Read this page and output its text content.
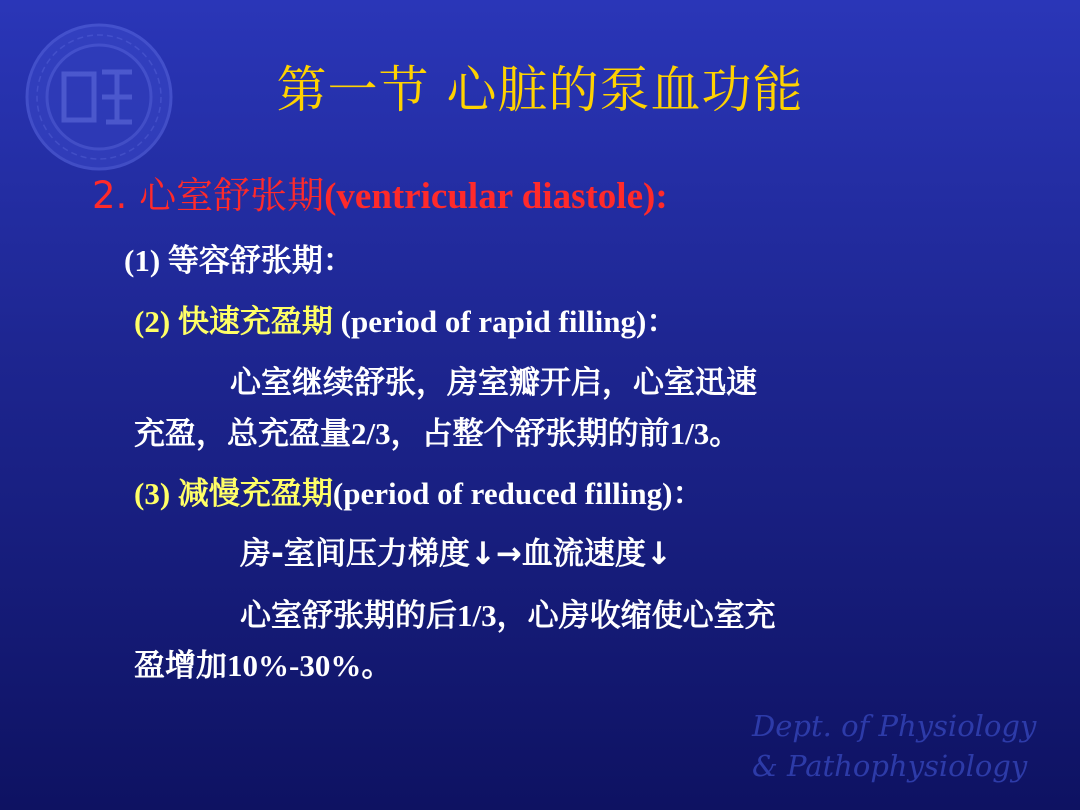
第一节 心脏的泵血功能
2. 心室舒张期(ventricular diastole):
(1) 等容舒张期：
(2) 快速充盈期 (period of rapid filling)：
心室继续舒张，房室瓣开启，心室迅速
充盈，总充盈量2/3，占整个舒张期的前1/3。
(3) 减慢充盈期(period of reduced filling)：
房-室间压力梯度↓→血流速度↓
心室舒张期的后1/3，心房收缩使心室充
盈增加10%-30%。
Dept. of Physiology
& Pathophysiology
